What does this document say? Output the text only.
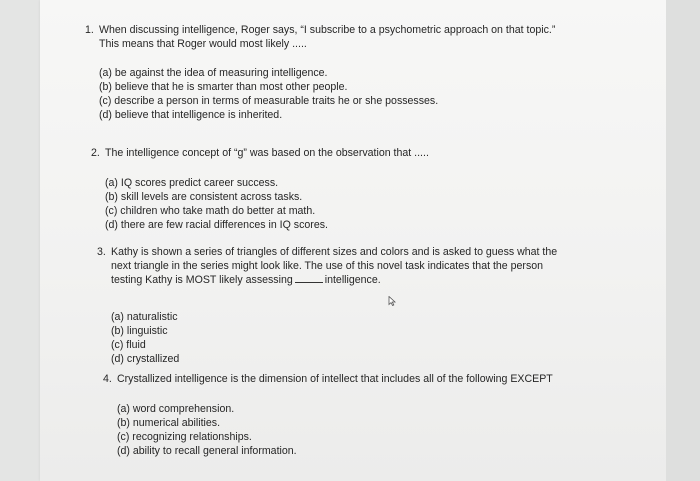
1. When discussing intelligence, Roger says, “I subscribe to a psychometric approach on that topic.” This means that Roger would most likely .....
(a) be against the idea of measuring intelligence.
(b) believe that he is smarter than most other people.
(c) describe a person in terms of measurable traits he or she possesses.
(d) believe that intelligence is inherited.
2. The intelligence concept of “g” was based on the observation that .....
(a) IQ scores predict career success.
(b) skill levels are consistent across tasks.
(c) children who take math do better at math.
(d) there are few racial differences in IQ scores.
3. Kathy is shown a series of triangles of different sizes and colors and is asked to guess what the next triangle in the series might look like. The use of this novel task indicates that the person testing Kathy is MOST likely assessing	intelligence.
(a) naturalistic
(b) linguistic
(c) fluid
(d) crystallized
4. Crystallized intelligence is the dimension of intellect that includes all of the following EXCEPT
(a) word comprehension.
(b) numerical abilities.
(c) recognizing relationships.
(d) ability to recall general information.
